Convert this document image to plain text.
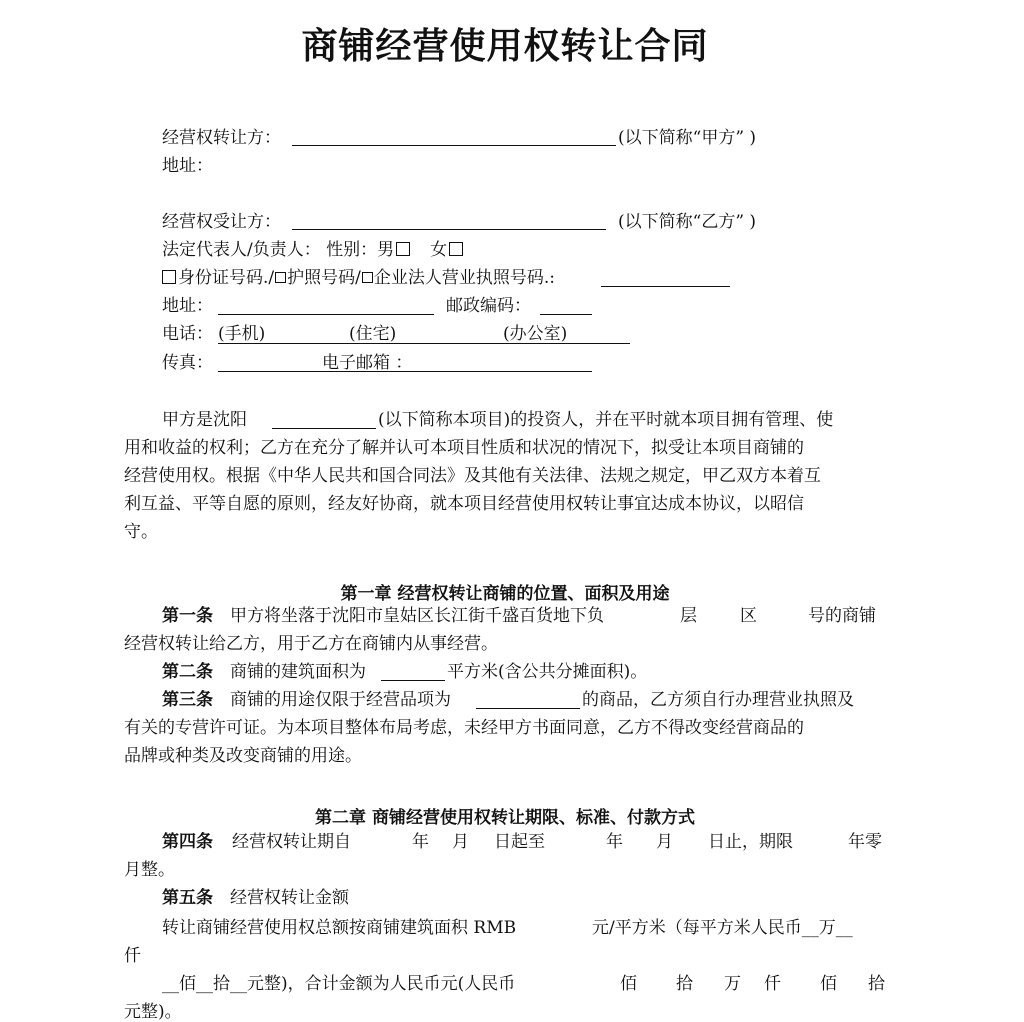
商铺经营使用权转让合同
经营权转让方：	(以下简称“甲方” )
地址：
经营权受让方：	(以下简称“乙方” )
法定代表人/负责人： 性别：男 女
身份证号码./ 护照号码/ 企业法人营业执照号码.:
地址：	邮政编码：
电话： (手机)	(住宅)	(办公室)
传真：	电子邮箱 ：
甲方是沈阳	(以下简称本项目)的投资人，并在平时就本项目拥有管理、使
用和收益的权利；乙方在充分了解并认可本项目性质和状况的情况下，拟受让本项目商铺的
经营使用权。根据《中华人民共和国合同法》及其他有关法律、法规之规定，甲乙双方本着互
利互益、平等自愿的原则，经友好协商，就本项目经营使用权转让事宜达成本协议，以昭信
守。
第一章 经营权转让商铺的位置、面积及用途
第一条 甲方将坐落于沈阳市皇姑区长江街千盛百货地下负	层	区	号的商铺
经营权转让给乙方，用于乙方在商铺内从事经营。
第二条 商铺的建筑面积为	平方米(含公共分摊面积)。
第三条 商铺的用途仅限于经营品项为	的商品，乙方须自行办理营业执照及
有关的专营许可证。为本项目整体布局考虑，未经甲方书面同意，乙方不得改变经营商品的
品牌或种类及改变商铺的用途。
第二章 商铺经营使用权转让期限、标准、付款方式
第四条 经营权转让期自	年 月 日起至	年 月 日止，期限	年零
月整。
第五条 经营权转让金额
转让商铺经营使用权总额按商铺建筑面积 RMB	元/平方米（每平方米人民币__万__
仟
__佰__拾__元整)，合计金额为人民币元(人民币	佰 拾 万 仟 佰 拾
元整)。
